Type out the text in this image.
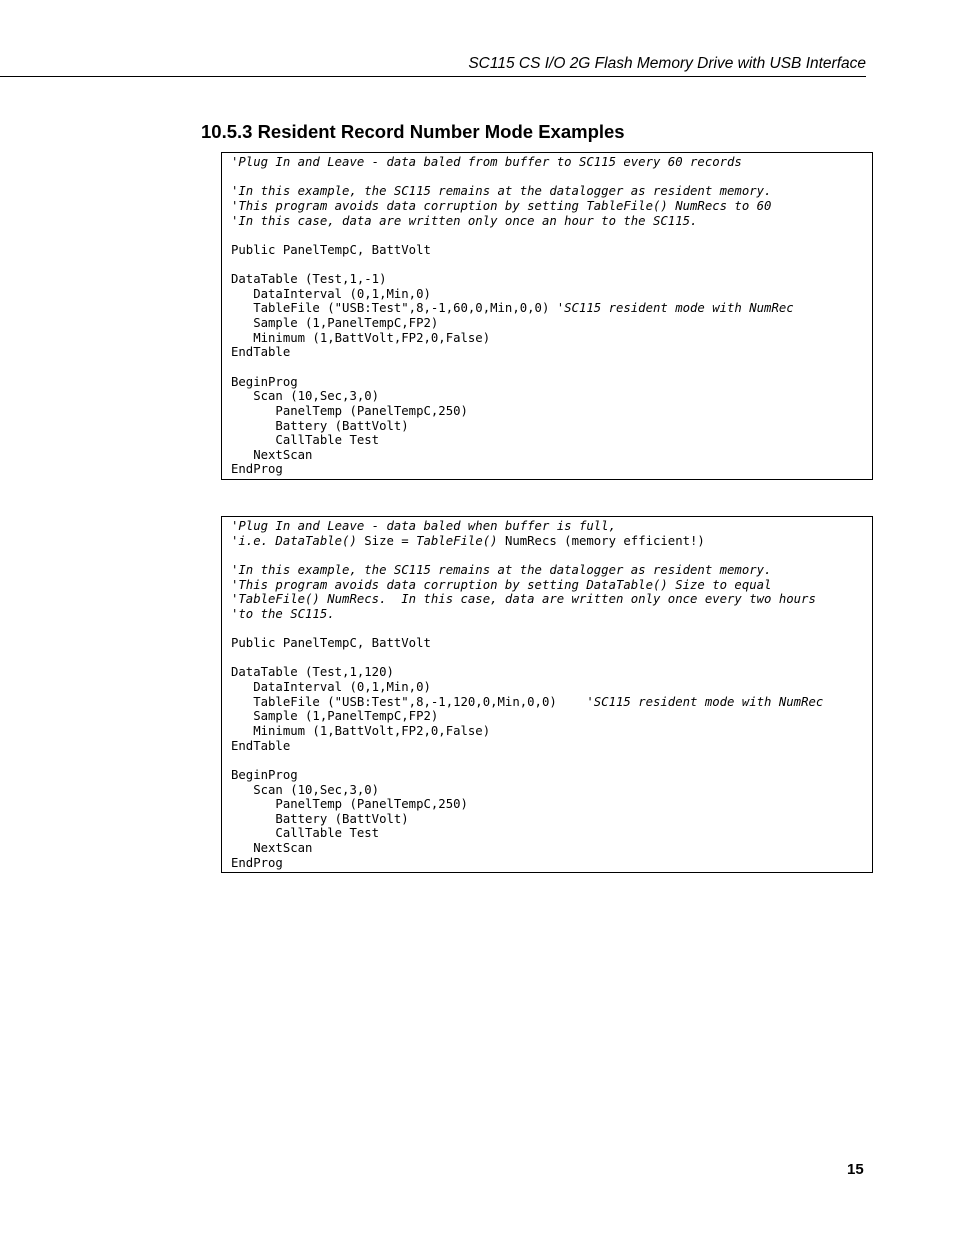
SC115 CS I/O 2G Flash Memory Drive with USB Interface
10.5.3 Resident Record Number Mode Examples
'Plug In and Leave - data baled from buffer to SC115 every 60 records
'In this example, the SC115 remains at the datalogger as resident memory.
'This program avoids data corruption by setting TableFile() NumRecs to 60
'In this case, data are written only once an hour to the SC115.
Public PanelTempC, BattVolt
DataTable (Test,1,-1)
DataInterval (0,1,Min,0)
TableFile ("USB:Test",8,-1,60,0,Min,0,0) 'SC115 resident mode with NumRec
Sample (1,PanelTempC,FP2)
Minimum (1,BattVolt,FP2,0,False)
EndTable
BeginProg
Scan (10,Sec,3,0)
PanelTemp (PanelTempC,250)
Battery (BattVolt)
CallTable Test
NextScan
EndProg
'Plug In and Leave - data baled when buffer is full,
'i.e. DataTable() Size = TableFile() NumRecs (memory efficient!)
'In this example, the SC115 remains at the datalogger as resident memory.
'This program avoids data corruption by setting DataTable() Size to equal
'TableFile() NumRecs.  In this case, data are written only once every two hours
'to the SC115.
Public PanelTempC, BattVolt
DataTable (Test,1,120)
DataInterval (0,1,Min,0)
TableFile ("USB:Test",8,-1,120,0,Min,0,0)    'SC115 resident mode with NumRec
Sample (1,PanelTempC,FP2)
Minimum (1,BattVolt,FP2,0,False)
EndTable
BeginProg
Scan (10,Sec,3,0)
PanelTemp (PanelTempC,250)
Battery (BattVolt)
CallTable Test
NextScan
EndProg
15
